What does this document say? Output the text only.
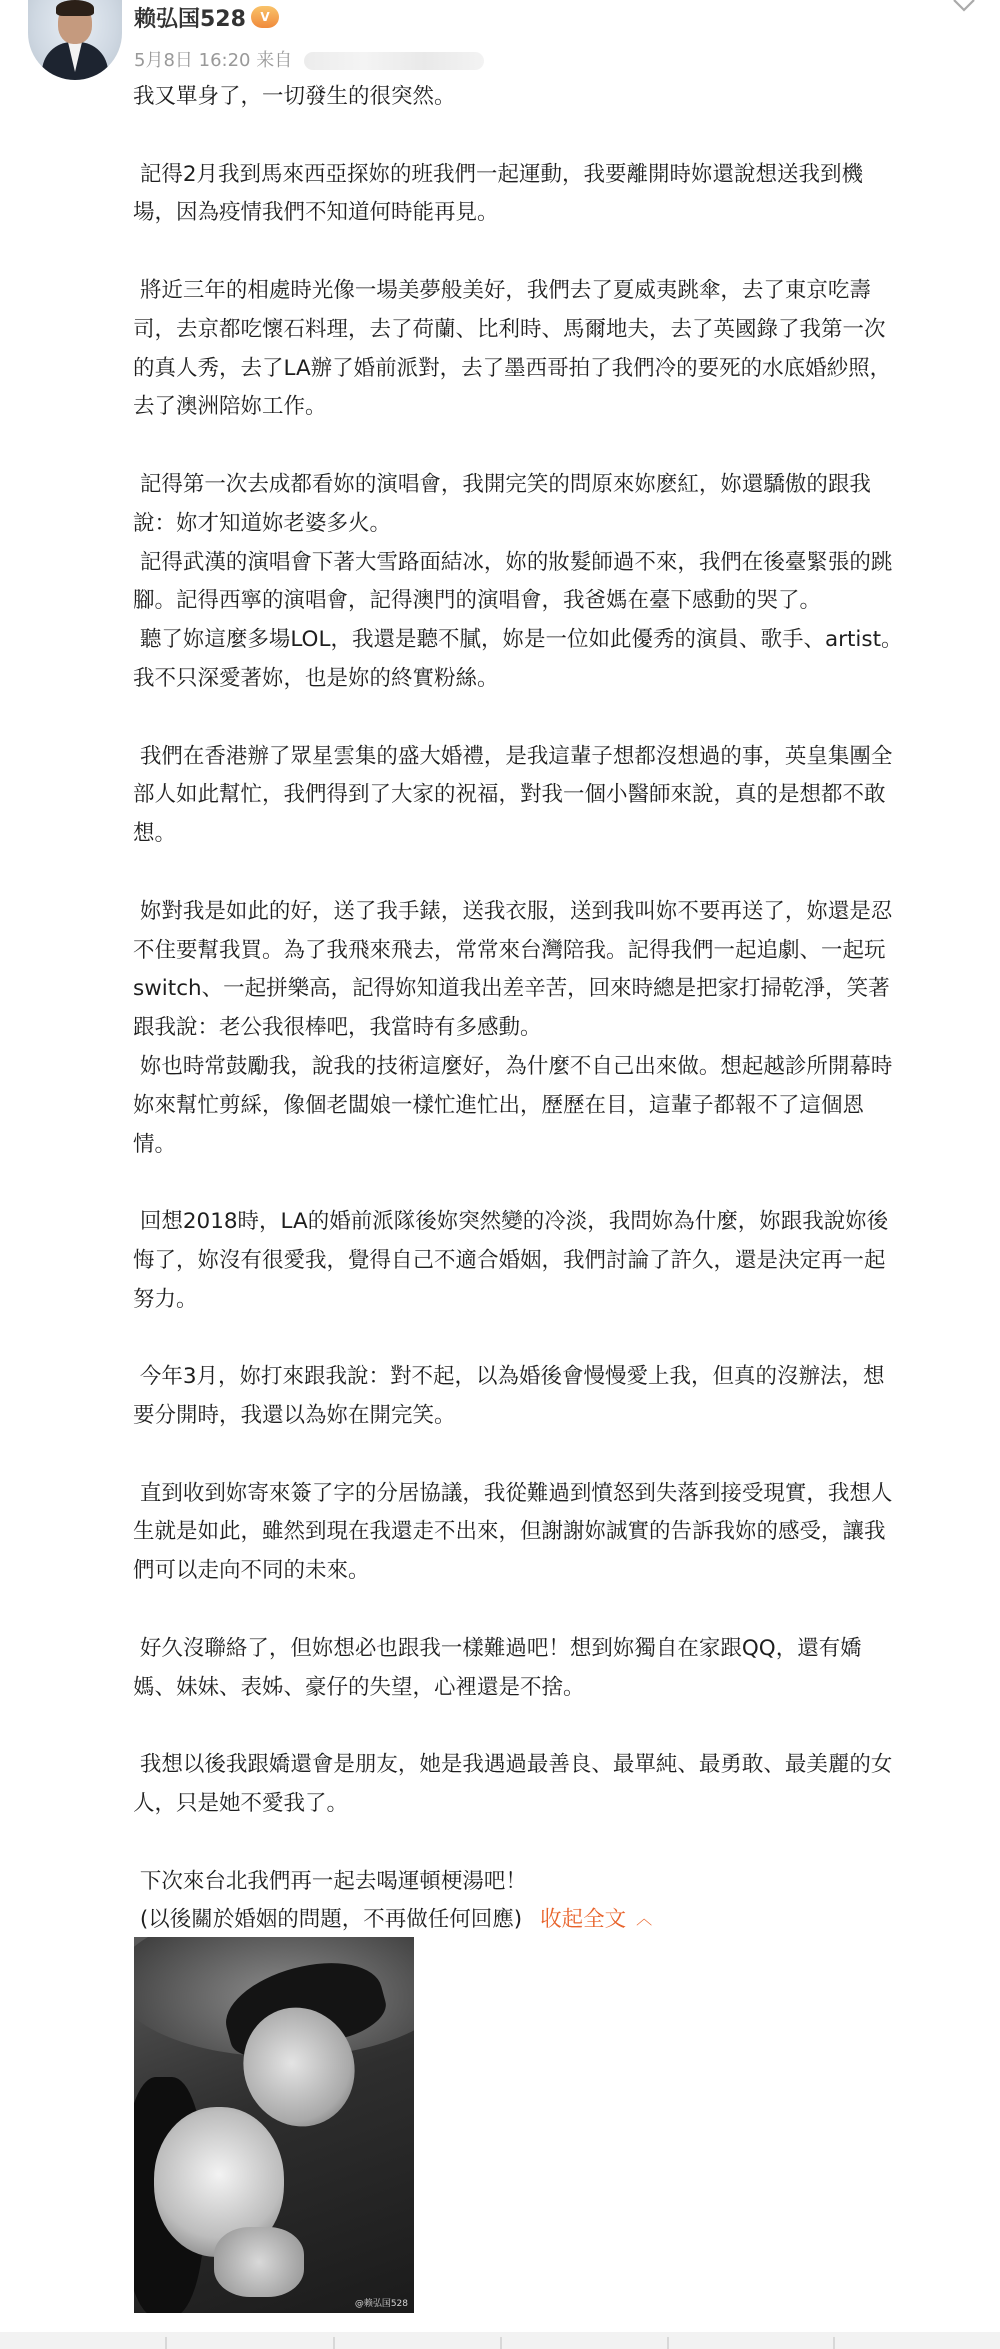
赖弘国528	V
5月8日 16:20 来自

我又單身了，一切發生的很突然。

記得2月我到馬來西亞探妳的班我們一起運動，我要離開時妳還說想送我到機

場，因為疫情我們不知道何時能再見。

將近三年的相處時光像一場美夢般美好，我們去了夏威夷跳傘，去了東京吃壽

司，去京都吃懷石料理，去了荷蘭、比利時、馬爾地夫，去了英國錄了我第一次

的真人秀，去了LA辦了婚前派對，去了墨西哥拍了我們冷的要死的水底婚紗照，

去了澳洲陪妳工作。

記得第一次去成都看妳的演唱會，我開完笑的問原來妳麽紅，妳還驕傲的跟我

說：妳才知道妳老婆多火。

記得武漢的演唱會下著大雪路面結冰，妳的妝髮師過不來，我們在後臺緊張的跳

腳。記得西寧的演唱會，記得澳門的演唱會，我爸媽在臺下感動的哭了。

聽了妳這麼多場LOL，我還是聽不膩，妳是一位如此優秀的演員、歌手、artist。

我不只深愛著妳，也是妳的終實粉絲。

我們在香港辦了眾星雲集的盛大婚禮，是我這輩子想都沒想過的事，英皇集團全

部人如此幫忙，我們得到了大家的祝福，對我一個小醫師來說，真的是想都不敢

想。

妳對我是如此的好，送了我手錶，送我衣服，送到我叫妳不要再送了，妳還是忍

不住要幫我買。為了我飛來飛去，常常來台灣陪我。記得我們一起追劇、一起玩

switch、一起拼樂高，記得妳知道我出差辛苦，回來時總是把家打掃乾淨，笑著

跟我說：老公我很棒吧，我當時有多感動。

妳也時常鼓勵我，說我的技術這麼好，為什麼不自己出來做。想起越診所開幕時

妳來幫忙剪綵，像個老闆娘一樣忙進忙出，歷歷在目，這輩子都報不了這個恩

情。

回想2018時，LA的婚前派隊後妳突然變的冷淡，我問妳為什麼，妳跟我說妳後

悔了，妳沒有很愛我，覺得自己不適合婚姻，我們討論了許久，還是決定再一起

努力。

今年3月，妳打來跟我說：對不起，以為婚後會慢慢愛上我，但真的沒辦法，想

要分開時，我還以為妳在開完笑。

直到收到妳寄來簽了字的分居協議，我從難過到憤怒到失落到接受現實，我想人

生就是如此，雖然到現在我還走不出來，但謝謝妳誠實的告訴我妳的感受，讓我

們可以走向不同的未來。

好久沒聯絡了，但妳想必也跟我一樣難過吧！想到妳獨自在家跟QQ，還有嬌

媽、妹妹、表姊、豪仔的失望，心裡還是不捨。

我想以後我跟嬌還會是朋友，她是我遇過最善良、最單純、最勇敢、最美麗的女

人，只是她不愛我了。

下次來台北我們再一起去喝運頓梗湯吧！

(以後關於婚姻的問題，不再做任何回應) 收起全文 ︿

@赖弘国528
